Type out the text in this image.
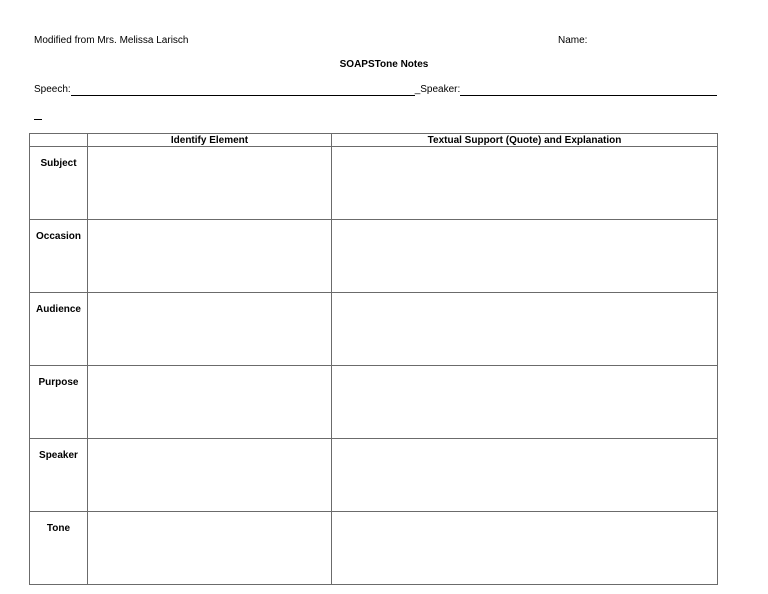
Modified from Mrs. Melissa Larisch	Name:
SOAPSTone Notes
Speech:	_Speaker:
	Identify Element	Textual Support (Quote) and Explanation
Subject		
Occasion		
Audience		
Purpose		
Speaker		
Tone		
